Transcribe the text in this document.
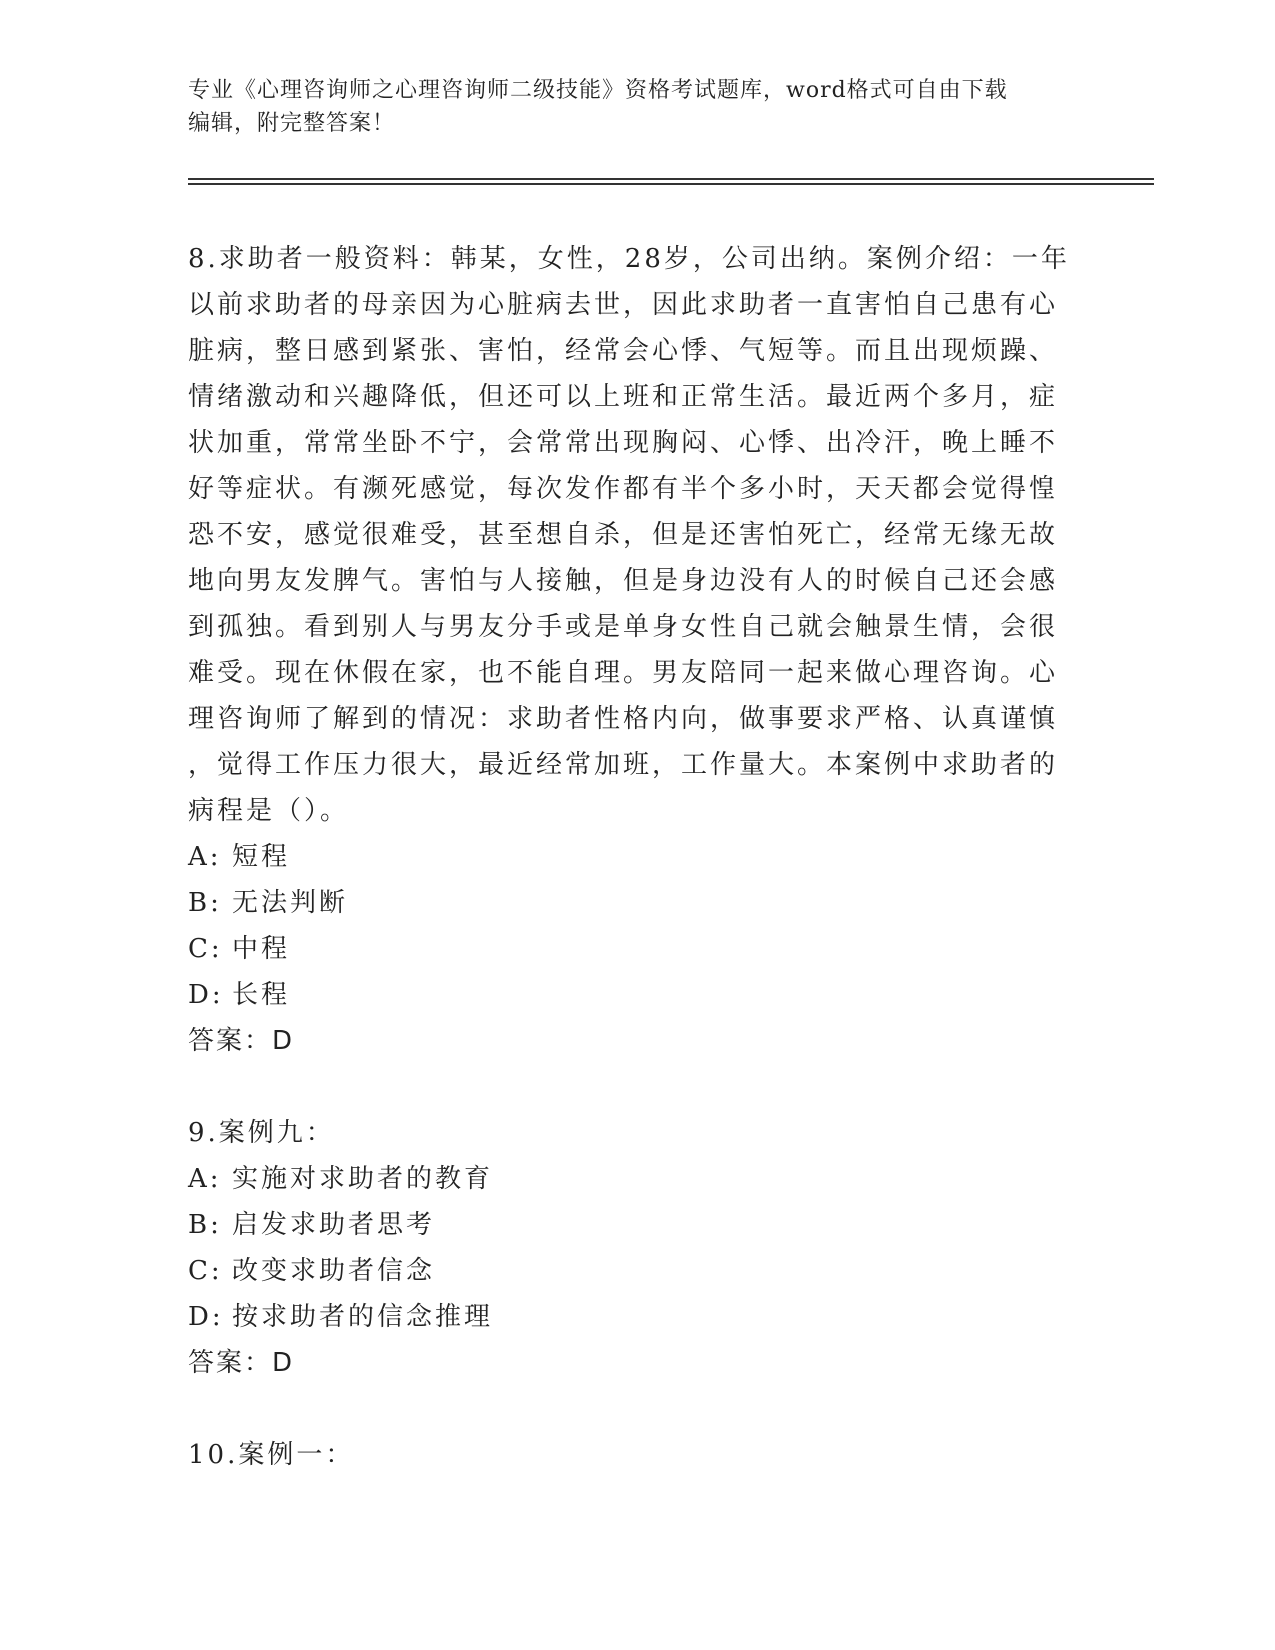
专业《心理咨询师之心理咨询师二级技能》资格考试题库，word格式可自由下载
编辑，附完整答案！
8.求助者一般资料：韩某，女性，28岁，公司出纳。案例介绍：一年
以前求助者的母亲因为心脏病去世，因此求助者一直害怕自己患有心
脏病，整日感到紧张、害怕，经常会心悸、气短等。而且出现烦躁、
情绪激动和兴趣降低，但还可以上班和正常生活。最近两个多月，症
状加重，常常坐卧不宁，会常常出现胸闷、心悸、出冷汗，晚上睡不
好等症状。有濒死感觉，每次发作都有半个多小时，天天都会觉得惶
恐不安，感觉很难受，甚至想自杀，但是还害怕死亡，经常无缘无故
地向男友发脾气。害怕与人接触，但是身边没有人的时候自己还会感
到孤独。看到别人与男友分手或是单身女性自己就会触景生情，会很
难受。现在休假在家，也不能自理。男友陪同一起来做心理咨询。心
理咨询师了解到的情况：求助者性格内向，做事要求严格、认真谨慎
，觉得工作压力很大，最近经常加班，工作量大。本案例中求助者的
病程是（）。
A: 短程
B: 无法判断
C: 中程
D: 长程
答案：D
9.案例九：
A: 实施对求助者的教育
B: 启发求助者思考
C: 改变求助者信念
D: 按求助者的信念推理
答案：D
10.案例一：
